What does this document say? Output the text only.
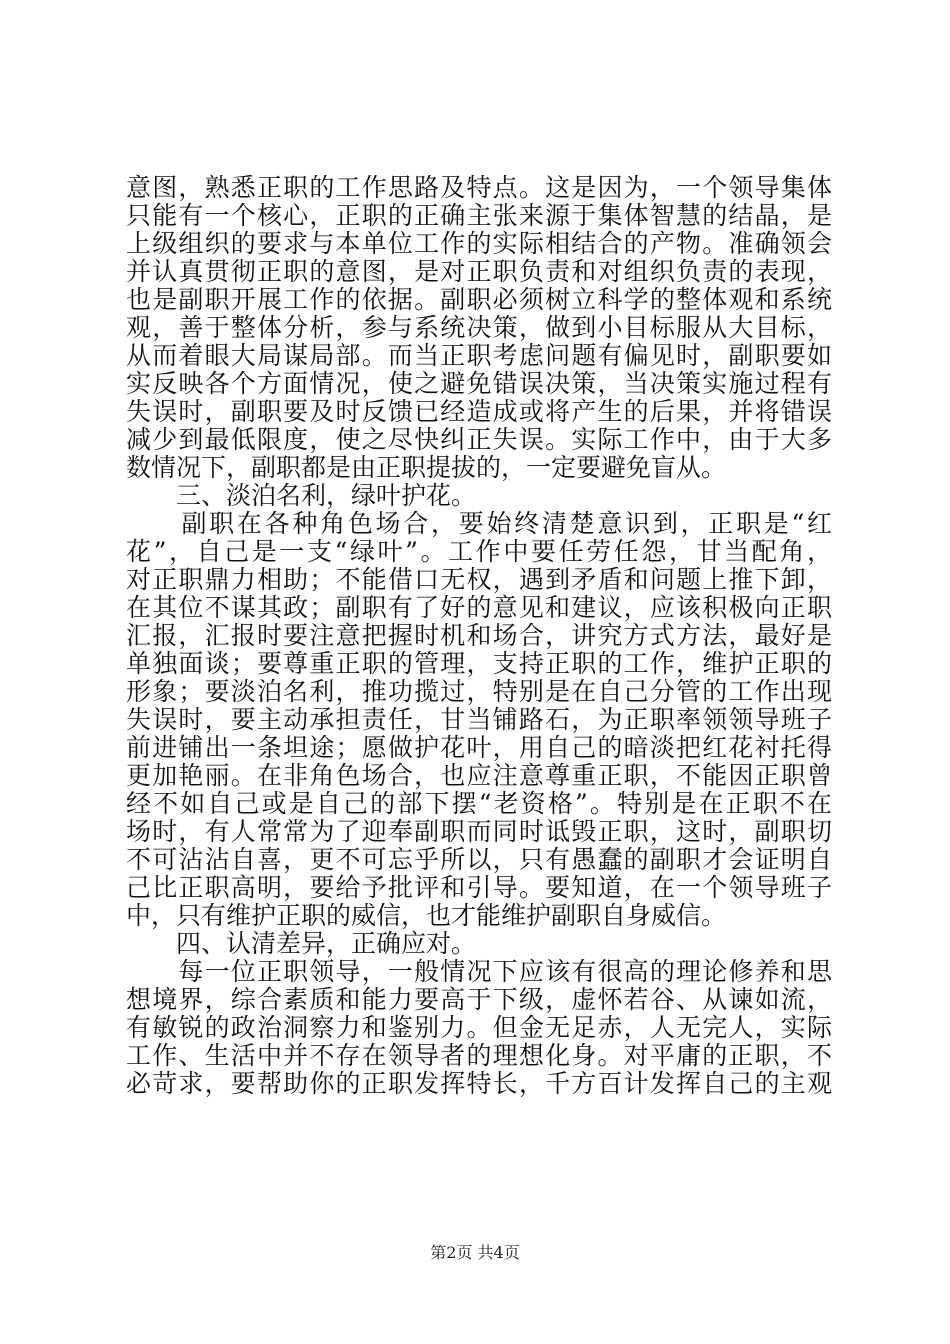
意图，熟悉正职的工作思路及特点。这是因为，一个领导集体
只能有一个核心，正职的正确主张来源于集体智慧的结晶，是
上级组织的要求与本单位工作的实际相结合的产物。准确领会
并认真贯彻正职的意图，是对正职负责和对组织负责的表现，
也是副职开展工作的依据。副职必须树立科学的整体观和系统
观，善于整体分析，参与系统决策，做到小目标服从大目标，
从而着眼大局谋局部。而当正职考虑问题有偏见时，副职要如
实反映各个方面情况，使之避免错误决策，当决策实施过程有
失误时，副职要及时反馈已经造成或将产生的后果，并将错误
减少到最低限度，使之尽快纠正失误。实际工作中，由于大多
数情况下，副职都是由正职提拔的，一定要避免盲从。
　　三、淡泊名利，绿叶护花。
　　副职在各种角色场合，要始终清楚意识到，正职是“红
花”，自己是一支“绿叶”。工作中要任劳任怨，甘当配角，
对正职鼎力相助；不能借口无权，遇到矛盾和问题上推下卸，
在其位不谋其政；副职有了好的意见和建议，应该积极向正职
汇报，汇报时要注意把握时机和场合，讲究方式方法，最好是
单独面谈；要尊重正职的管理，支持正职的工作，维护正职的
形象；要淡泊名利，推功揽过，特别是在自己分管的工作出现
失误时，要主动承担责任，甘当铺路石，为正职率领领导班子
前进铺出一条坦途；愿做护花叶，用自己的暗淡把红花衬托得
更加艳丽。在非角色场合，也应注意尊重正职，不能因正职曾
经不如自己或是自己的部下摆“老资格”。特别是在正职不在
场时，有人常常为了迎奉副职而同时诋毁正职，这时，副职切
不可沾沾自喜，更不可忘乎所以，只有愚蠢的副职才会证明自
己比正职高明，要给予批评和引导。要知道，在一个领导班子
中，只有维护正职的威信，也才能维护副职自身威信。
　　四、认清差异，正确应对。
　　每一位正职领导，一般情况下应该有很高的理论修养和思
想境界，综合素质和能力要高于下级，虚怀若谷、从谏如流，
有敏锐的政治洞察力和鉴别力。但金无足赤，人无完人，实际
工作、生活中并不存在领导者的理想化身。对平庸的正职，不
必苛求，要帮助你的正职发挥特长，千方百计发挥自己的主观
第2页 共4页
